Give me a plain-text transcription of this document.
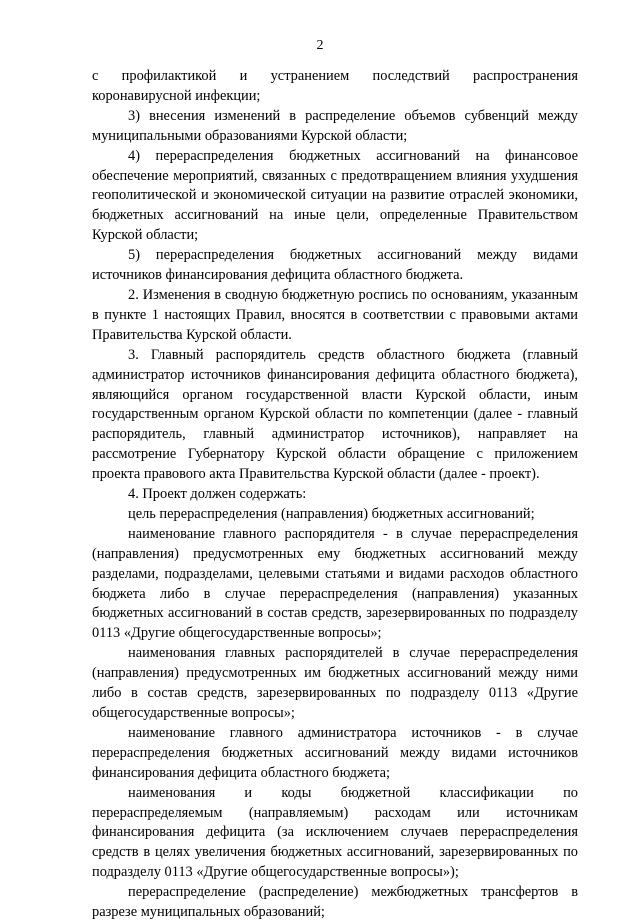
2

с профилактикой и устранением последствий распространения коронавирусной инфекции;

3) внесения изменений в распределение объемов субвенций между муниципальными образованиями Курской области;

4) перераспределения бюджетных ассигнований на финансовое обеспечение мероприятий, связанных с предотвращением влияния ухудшения геополитической и экономической ситуации на развитие отраслей экономики, бюджетных ассигнований на иные цели, определенные Правительством Курской области;

5) перераспределения бюджетных ассигнований между видами источников финансирования дефицита областного бюджета.

2. Изменения в сводную бюджетную роспись по основаниям, указанным в пункте 1 настоящих Правил, вносятся в соответствии с правовыми актами Правительства Курской области.

3. Главный распорядитель средств областного бюджета (главный администратор источников финансирования дефицита областного бюджета), являющийся органом государственной власти Курской области, иным государственным органом Курской области по компетенции (далее - главный распорядитель, главный администратор источников), направляет на рассмотрение Губернатору Курской области обращение с приложением проекта правового акта Правительства Курской области (далее - проект).

4. Проект должен содержать:

цель перераспределения (направления) бюджетных ассигнований;

наименование главного распорядителя - в случае перераспределения (направления) предусмотренных ему бюджетных ассигнований между разделами, подразделами, целевыми статьями и видами расходов областного бюджета либо в случае перераспределения (направления) указанных бюджетных ассигнований в состав средств, зарезервированных по подразделу 0113 «Другие общегосударственные вопросы»;

наименования главных распорядителей в случае перераспределения (направления) предусмотренных им бюджетных ассигнований между ними либо в состав средств, зарезервированных по подразделу 0113 «Другие общегосударственные вопросы»;

наименование главного администратора источников - в случае перераспределения бюджетных ассигнований между видами источников финансирования дефицита областного бюджета;

наименования и коды бюджетной классификации по перераспределяемым (направляемым) расходам или источникам финансирования дефицита (за исключением случаев перераспределения средств в целях увеличения бюджетных ассигнований, зарезервированных по подразделу 0113 «Другие общегосударственные вопросы»);

перераспределение (распределение) межбюджетных трансфертов в разрезе муниципальных образований;
